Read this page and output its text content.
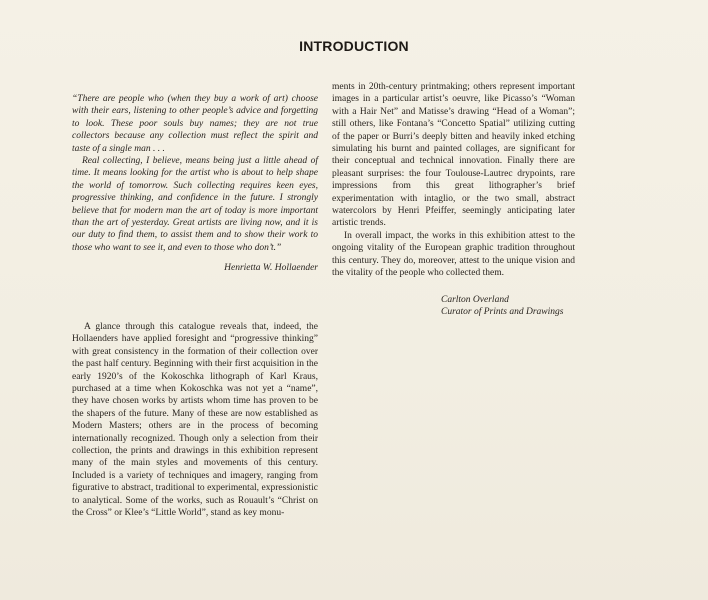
INTRODUCTION

“There are people who (when they buy a work of art) choose with their ears, listening to other people’s advice and forgetting to look. These poor souls buy names; they are not true collectors because any collection must reflect the spirit and taste of a single man . . .

Real collecting, I believe, means being just a little ahead of time. It means looking for the artist who is about to help shape the world of tomorrow. Such collecting requires keen eyes, progressive thinking, and confidence in the future. I strongly believe that for modern man the art of today is more important than the art of yesterday. Great artists are living now, and it is our duty to find them, to assist them and to show their work to those who want to see it, and even to those who don’t.”

Henrietta W. Hollaender

A glance through this catalogue reveals that, indeed, the Hollaenders have applied foresight and “progressive thinking” with great consistency in the formation of their collection over the past half century. Beginning with their first acquisition in the early 1920’s of the Kokoschka lithograph of Karl Kraus, purchased at a time when Kokoschka was not yet a “name”, they have chosen works by artists whom time has proven to be the shapers of the future. Many of these are now established as Modern Masters; others are in the process of becoming internationally recognized. Though only a selection from their collection, the prints and drawings in this exhibition represent many of the main styles and movements of this century. Included is a variety of techniques and imagery, ranging from figurative to abstract, traditional to experimental, expressionistic to analytical. Some of the works, such as Rouault’s “Christ on the Cross” or Klee’s “Little World”, stand as key monu-

ments in 20th-century printmaking; others represent important images in a particular artist’s oeuvre, like Picasso’s “Woman with a Hair Net” and Matisse’s drawing “Head of a Woman”; still others, like Fontana’s “Concetto Spatial” utilizing cutting of the paper or Burri’s deeply bitten and heavily inked etching simulating his burnt and painted collages, are significant for their conceptual and technical innovation. Finally there are pleasant surprises: the four Toulouse-Lautrec drypoints, rare impressions from this great lithographer’s brief experimentation with intaglio, or the two small, abstract watercolors by Henri Pfeiffer, seemingly anticipating later artistic trends.

In overall impact, the works in this exhibition attest to the ongoing vitality of the European graphic tradition throughout this century. They do, moreover, attest to the unique vision and the vitality of the people who collected them.

Carlton Overland
Curator of Prints and Drawings
